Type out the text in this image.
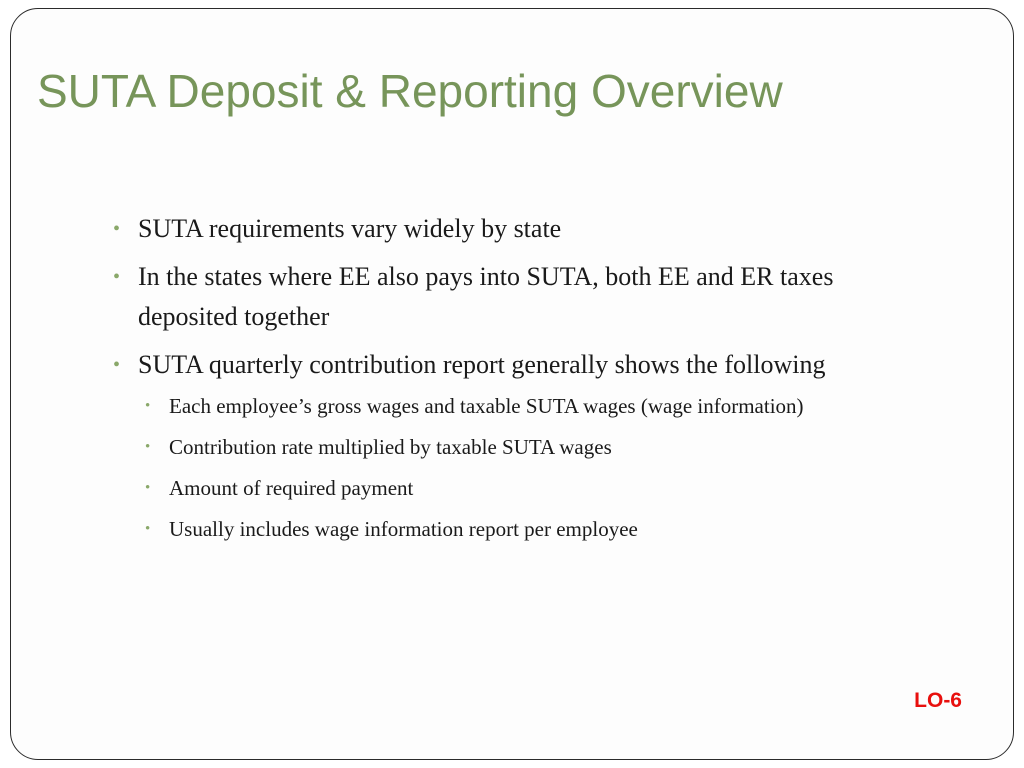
SUTA Deposit & Reporting Overview
• SUTA requirements vary widely by state
• In the states where EE also pays into SUTA, both EE and ER taxes deposited together
• SUTA quarterly contribution report generally shows the following
• Each employee’s gross wages and taxable SUTA wages (wage information)
• Contribution rate multiplied by taxable SUTA wages
• Amount of required payment
• Usually includes wage information report per employee
LO-6
